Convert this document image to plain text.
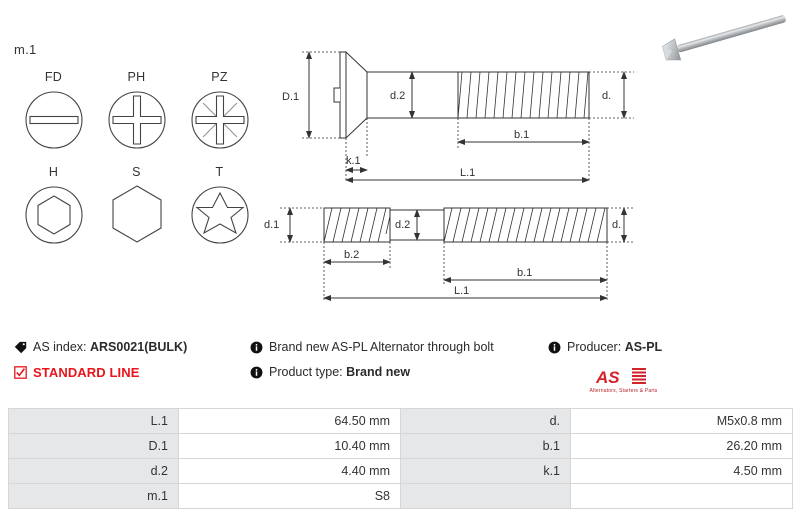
m.1
FD	PH	PZ
H	S	T
D.1	d.2	d.
k.1
b.1
L.1
d.1	d.2	d.
b.2
b.1
L.1
AS index:
ARS0021(BULK)
STANDARD LINE
Brand new AS-PL Alternator through bolt
Product type:
Brand new
Producer:
AS-PL
AS
Alternators, Starters & Parts
L.1	64.50 mm	d.	M5x0.8 mm
D.1	10.40 mm	b.1	26.20 mm
d.2	4.40 mm	k.1	4.50 mm
m.1	S8		
